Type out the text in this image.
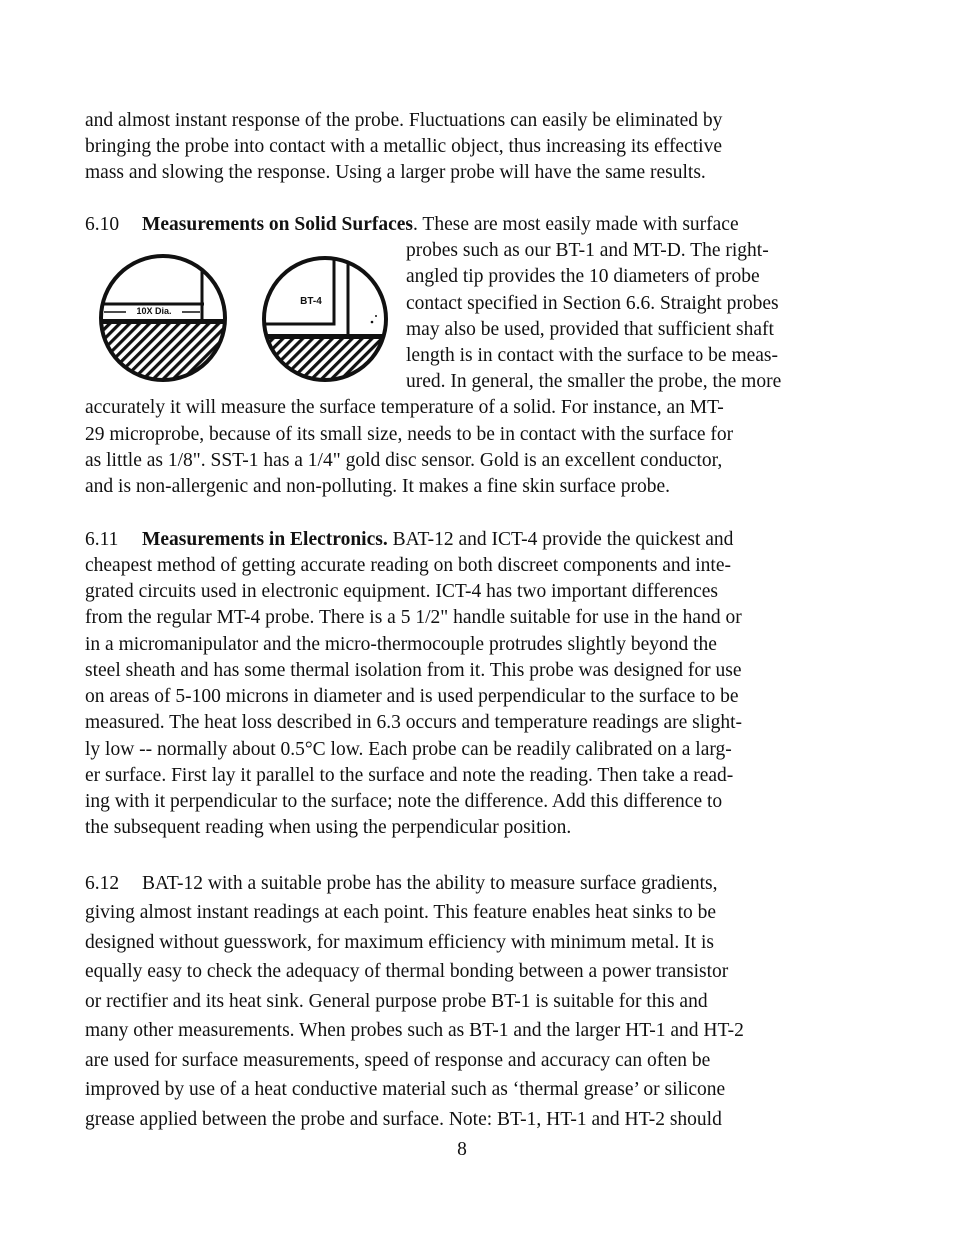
and almost instant response of the probe. Fluctuations can easily be eliminated by
bringing the probe into contact with a metallic object, thus increasing its effective
mass and slowing the response. Using a larger probe will have the same results.
6.10 Measurements on Solid Surfaces. These are most easily made with surface
probes such as our BT-1 and MT-D. The right-
angled tip provides the 10 diameters of probe
contact specified in Section 6.6. Straight probes
may also be used, provided that sufficient shaft
length is in contact with the surface to be meas-
ured. In general, the smaller the probe, the more
accurately it will measure the surface temperature of a solid. For instance, an MT-
29 microprobe, because of its small size, needs to be in contact with the surface for
as little as 1/8". SST-1 has a 1/4" gold disc sensor. Gold is an excellent conductor,
and is non-allergenic and non-polluting. It makes a fine skin surface probe.
10X Dia.
BT-4
6.11 Measurements in Electronics. BAT-12 and ICT-4 provide the quickest and
cheapest method of getting accurate reading on both discreet components and inte-
grated circuits used in electronic equipment. ICT-4 has two important differences
from the regular MT-4 probe. There is a 5 1/2" handle suitable for use in the hand or
in a micromanipulator and the micro-thermocouple protrudes slightly beyond the
steel sheath and has some thermal isolation from it. This probe was designed for use
on areas of 5-100 microns in diameter and is used perpendicular to the surface to be
measured. The heat loss described in 6.3 occurs and temperature readings are slight-
ly low -- normally about 0.5°C low. Each probe can be readily calibrated on a larg-
er surface. First lay it parallel to the surface and note the reading. Then take a read-
ing with it perpendicular to the surface; note the difference. Add this difference to
the subsequent reading when using the perpendicular position.
6.12 BAT-12 with a suitable probe has the ability to measure surface gradients,
giving almost instant readings at each point. This feature enables heat sinks to be
designed without guesswork, for maximum efficiency with minimum metal. It is
equally easy to check the adequacy of thermal bonding between a power transistor
or rectifier and its heat sink. General purpose probe BT-1 is suitable for this and
many other measurements. When probes such as BT-1 and the larger HT-1 and HT-2
are used for surface measurements, speed of response and accuracy can often be
improved by use of a heat conductive material such as ‘thermal grease’ or silicone
grease applied between the probe and surface. Note: BT-1, HT-1 and HT-2 should
8
